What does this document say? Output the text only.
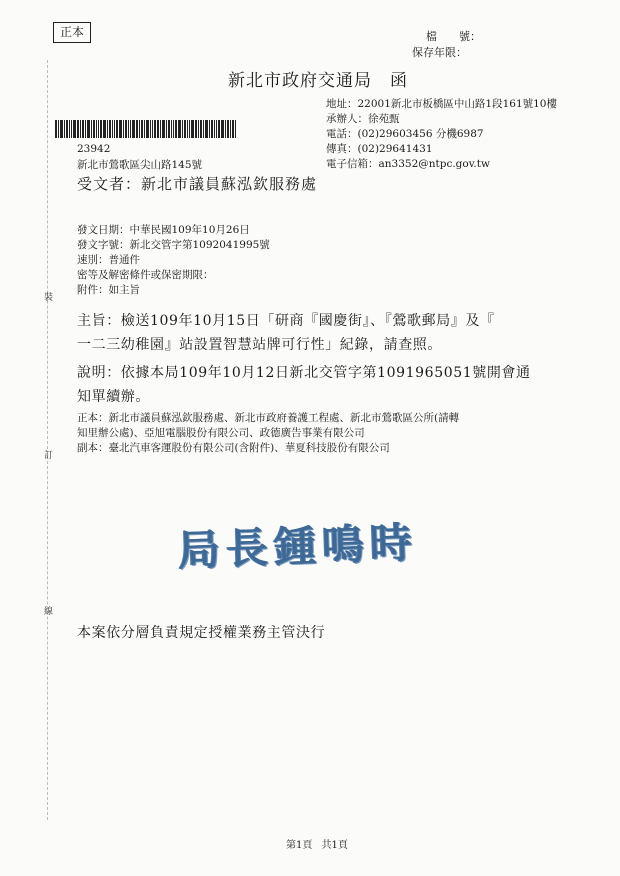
正本	檔　　號：
保存年限：
新北市政府交通局　函
地址：22001新北市板橋區中山路1段161號10樓
承辦人：徐苑甄
電話：(02)29603456 分機6987
傳真：(02)29641431
電子信箱：an3352@ntpc.gov.tw
23942
新北市鶯歌區尖山路145號
受文者：新北市議員蘇泓欽服務處
發文日期：中華民國109年10月26日
發文字號：新北交管字第1092041995號
速別：普通件
密等及解密條件或保密期限：
附件：如主旨
主旨：檢送109年10月15日「研商『國慶街』、『鶯歌郵局』及『
一二三幼稚園』站設置智慧站牌可行性」紀錄，請查照。
說明：依據本局109年10月12日新北交管字第1091965051號開會通
知單續辦。
正本：新北市議員蘇泓欽服務處、新北市政府養護工程處、新北市鶯歌區公所(請轉
知里辦公處)、亞旭電腦股份有限公司、政德廣告事業有限公司
副本：臺北汽車客運股份有限公司(含附件)、華夏科技股份有限公司
裝
訂
線
局長鍾鳴時
本案依分層負責規定授權業務主管決行
第1頁 共1頁
